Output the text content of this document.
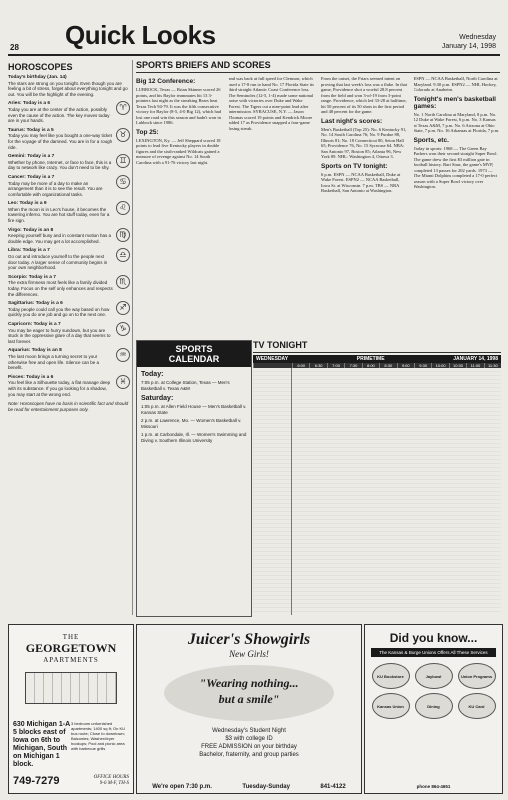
28 Quick Looks	Wednesday
January 14, 1998
HOROSCOPES

Today's birthday (Jan. 14)
The stars are strong on you tonight. Even though you are feeling a bit of stress, forget about everything tonight and go out. You will be the highlight of the evening.

♈
Aries: Today is a 6
Today you are at the center of the action, possibly even the cause of the action. The key moves today are in your hands.

♉
Taurus: Today is a 5
Today you may feel like you bought a one-way ticket for the voyage of the damned. You are in for a rough ride.

♊
Gemini: Today is a 7
Whether by phone, Internet, or face to face, this is a day to network like crazy. You don't need to be shy.

♋
Cancer: Today is a 7
Today may be more of a day to make an arrangement than it is to see the result. You are comfortable with organizational tasks.

♌
Leo: Today is a 9
When the moon is in Leo's house, it becomes the towering inferno. You are hot stuff today, even for a fire sign.

♍
Virgo: Today is an 8
Keeping yourself busy and in constant motion has a double edge. You may get a lot accomplished.

♎
Libra: Today is a 7
Go out and introduce yourself to the people next door today. A larger sense of community begins in your own neighborhood.

♏
Scorpio: Today is a 7
The extra firmness most feels like a family divided today. Focus on the self only enhances and respects the differences.

♐
Sagittarius: Today is a 6
Today people could call you the way based on how quickly you do one job and go on to the next one.

♑
Capricorn: Today is a 7
You may be eager to hurry sundown, but you are stuck in the oppressive glare of a day that seems to last forever.

♒
Aquarius: Today is an 8
The last moon brings a turning secret to your otherwise free and open life. Silence can be a benefit.

♓
Pisces: Today is a 6
You feel like a Silhouette today, a flat manage deep with its substance. If you go looking for a shadow, you may start at the wrong end.

Note: Horoscopes have no basis in scientific fact and should be read for entertainment purposes only.

SPORTS BRIEFS AND SCORES
Big 12 Conference:

LUBBOCK, Texas — Brian Skinner scored 26 points, and his Baylor teammates hit 13 3-pointers last night as the streaking Bears beat Texas Tech 94-79. It was the fifth consecutive victory for Baylor (8-5, 4-0 Big 12), which had lost one road win this season and hadn't won in Lubbock since 1986.

Top 25:

LEXINGTON, Ky. — Jeff Sheppard scored 18 points to lead five Kentucky players in double figures and the sixth-ranked Wildcats gained a measure of revenge against No. 14 South Carolina with a 91-76 victory last night.

and was back at full speed for Clemson, which used a 17-8 run to hand No. 17 Florida State its third straight Atlantic Coast Conference loss. The Seminoles (12-5, 1-4) made some national noise with victories over Duke and Wake Forest. The Tigers cut a nine-point lead after intermission. SYRACUSE, N.Y. — Jason Thomas scored 19 points and Kendrick Moore added 17 as Providence snapped a four-game losing streak.

From the outset, the Friars seemed intent on proving that last week's loss was a fluke. In that game, Providence shot a woeful 28.8 percent from the field and won 3-of-19 from 3-point range. Providence, which led 33-28 at halftime, hit 50 percent of its 50 shots in the first period and 48 percent for the game.

Last night's scores:

Men's Basketball (Top 25): No. 6 Kentucky 91, No. 14 South Carolina 76; No. 9 Purdue 88, Illinois 81; No. 18 Connecticut 80, Seton Hall 65; Providence 76, No. 15 Syracuse 64. NBA: San Antonio 97, Boston 85; Atlanta 96, New York 89. NHL: Washington 4, Ottawa 3.

Sports on TV tonight:

6 p.m. ESPN — NCAA Basketball, Duke at Wake Forest. ESPN2 — NCAA Basketball, Iowa St. at Wisconsin. 7 p.m. TBS — NBA Basketball, San Antonio at Washington.

ESPN — NCAA Basketball, North Carolina at Maryland. 9:30 p.m. ESPN2 — NHL Hockey, Colorado at Anaheim.

Tonight's men's basketball games:

No. 1 North Carolina at Maryland, 8 p.m. No. 12 Duke at Wake Forest, 6 p.m. No. 3 Kansas at Texas A&M, 7 p.m. No. 6 Arizona at Ohio State, 7 p.m. No. 16 Arkansas at Florida, 7 p.m.

Sports, etc.

Today in sports: 1968 — The Green Bay Packers won their second straight Super Bowl. The game drew the first $3 million gate in football history. Bart Starr, the game's MVP, completed 13 passes for 202 yards. 1973 — The Miami Dolphins completed a 17-0 perfect season with a Super Bowl victory over Washington.

SPORTS
CALENDAR
Today:

7:05 p.m. at College Station, Texas — Men's Basketball v. Texas A&M

Saturday:

1:05 p.m. at Allen Field House — Men's Basketball v. Kansas State

2 p.m. at Lawrence, Mo. — Women's Basketball v. Missouri

1 p.m. at Carbondale, Ill. — Women's Swimming and Diving v. Southern Illinois University

TV TONIGHT
WEDNESDAY	PRIMETIME	JANUARY 14, 1998
6:00	6:30	7:00	7:30	8:00	8:30	9:00	9:30	10:00	10:30	11:00	11:30
THE
GEORGETOWN
APARTMENTS
630 Michigan 1-A 5 blocks east of Iowa on 6th to Michigan, South on Michigan 1 block.
3 bedroom unfurnished apartments; 1400 sq ft; On KU bus route; Close to downtown; Balconies; Washer/dryer hookups; Pool and picnic area with barbecue grills
749-7279	OFFICE HOURS
9-6 M-F, TH-S
Juicer's Showgirls
New Girls!
"Wearing nothing...
but a smile"
Wednesday's Student Night
$3 with college ID
FREE ADMISSION on your birthday
Bachelor, fraternity, and group parties
We're open 7:30 p.m.	Tuesday-Sunday	841-4122
Did you know...
The Kansas & Burge Unions Offers All These Services
KU Bookstore	Jaybowl	Union Programs
Kansas Union	Dining	KU Card
phone 864-4651
